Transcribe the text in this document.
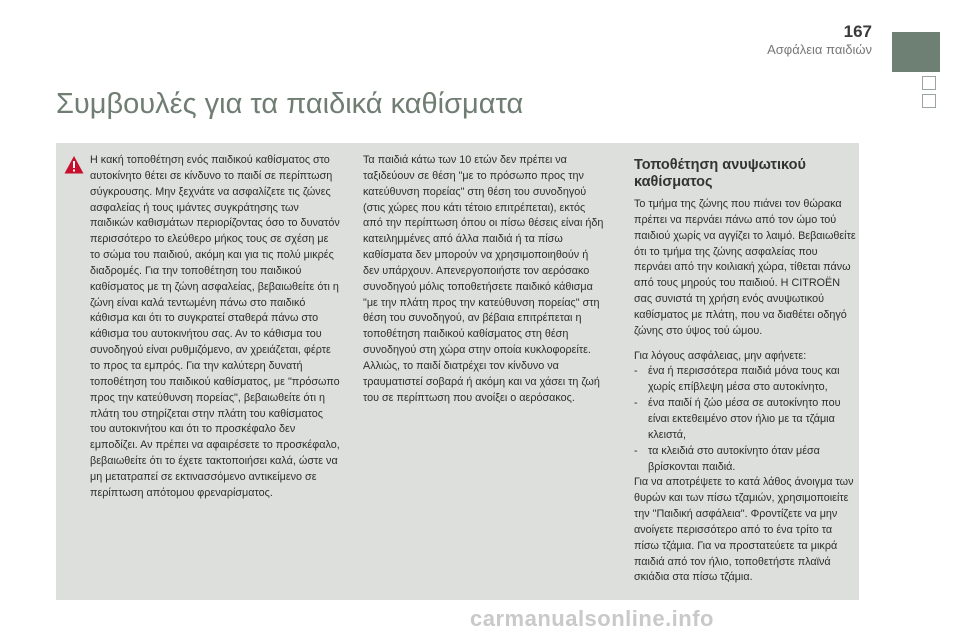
167
Ασφάλεια παιδιών
Συμβουλές για τα παιδικά καθίσματα

Η κακή τοποθέτηση ενός παιδικού καθίσματος στο αυτοκίνητο θέτει σε κίνδυνο το παιδί σε περίπτωση σύγκρουσης. Μην ξεχνάτε να ασφαλίζετε τις ζώνες ασφαλείας ή τους ιμάντες συγκράτησης των παιδικών καθισμάτων περιορίζοντας όσο το δυνατόν περισσότερο το ελεύθερο μήκος τους σε σχέση με το σώμα του παιδιού, ακόμη και για τις πολύ μικρές διαδρομές. Για την τοποθέτηση του παιδικού καθίσματος με τη ζώνη ασφαλείας, βεβαιωθείτε ότι η ζώνη είναι καλά τεντωμένη πάνω στο παιδικό κάθισμα και ότι το συγκρατεί σταθερά πάνω στο κάθισμα του αυτοκινήτου σας. Αν το κάθισμα του συνοδηγού είναι ρυθμιζόμενο, αν χρειάζεται, φέρτε το προς τα εμπρός. Για την καλύτερη δυνατή τοποθέτηση του παιδικού καθίσματος, με "πρόσωπο προς την κατεύθυνση πορείας", βεβαιωθείτε ότι η πλάτη του στηρίζεται στην πλάτη του καθίσματος του αυτοκινήτου και ότι το προσκέφαλο δεν εμποδίζει. Αν πρέπει να αφαιρέσετε το προσκέφαλο, βεβαιωθείτε ότι το έχετε τακτοποιήσει καλά, ώστε να μη μετατραπεί σε εκτινασσόμενο αντικείμενο σε περίπτωση απότομου φρεναρίσματος.

Τα παιδιά κάτω των 10 ετών δεν πρέπει να ταξιδεύουν σε θέση "με το πρόσωπο προς την κατεύθυνση πορείας" στη θέση του συνοδηγού (στις χώρες που κάτι τέτοιο επιτρέπεται), εκτός από την περίπτωση όπου οι πίσω θέσεις είναι ήδη κατειλημμένες από άλλα παιδιά ή τα πίσω καθίσματα δεν μπορούν να χρησιμοποιηθούν ή δεν υπάρχουν. Απενεργοποιήστε τον αερόσακο συνοδηγού μόλις τοποθετήσετε παιδικό κάθισμα "με την πλάτη προς την κατεύθυνση πορείας" στη θέση του συνοδηγού, αν βέβαια επιτρέπεται η τοποθέτηση παιδικού καθίσματος στη θέση συνοδηγού στη χώρα στην οποία κυκλοφορείτε. Αλλιώς, το παιδί διατρέχει τον κίνδυνο να τραυματιστεί σοβαρά ή ακόμη και να χάσει τη ζωή του σε περίπτωση που ανοίξει ο αερόσακος.

Τοποθέτηση ανυψωτικού καθίσματος

Το τμήμα της ζώνης που πιάνει τον θώρακα πρέπει να περνάει πάνω από τον ώμο τού παιδιού χωρίς να αγγίζει το λαιμό. Βεβαιωθείτε ότι το τμήμα της ζώνης ασφαλείας που περνάει από την κοιλιακή χώρα, τίθεται πάνω από τους μηρούς του παιδιού. Η CITROËN σας συνιστά τη χρήση ενός ανυψωτικού καθίσματος με πλάτη, που να διαθέτει οδηγό ζώνης στο ύψος τού ώμου.

Για λόγους ασφάλειας, μην αφήνετε:

- ένα ή περισσότερα παιδιά μόνα τους και χωρίς επίβλεψη μέσα στο αυτοκίνητο,
- ένα παιδί ή ζώο μέσα σε αυτοκίνητο που είναι εκτεθειμένο στον ήλιο με τα τζάμια κλειστά,
- τα κλειδιά στο αυτοκίνητο όταν μέσα βρίσκονται παιδιά.

Για να αποτρέψετε το κατά λάθος άνοιγμα των θυρών και των πίσω τζαμιών, χρησιμοποιείτε την "Παιδική ασφάλεια". Φροντίζετε να μην ανοίγετε περισσότερο από το ένα τρίτο τα πίσω τζάμια. Για να προστατεύετε τα μικρά παιδιά από τον ήλιο, τοποθετήστε πλαϊνά σκιάδια στα πίσω τζάμια.

carmanualsonline.info
